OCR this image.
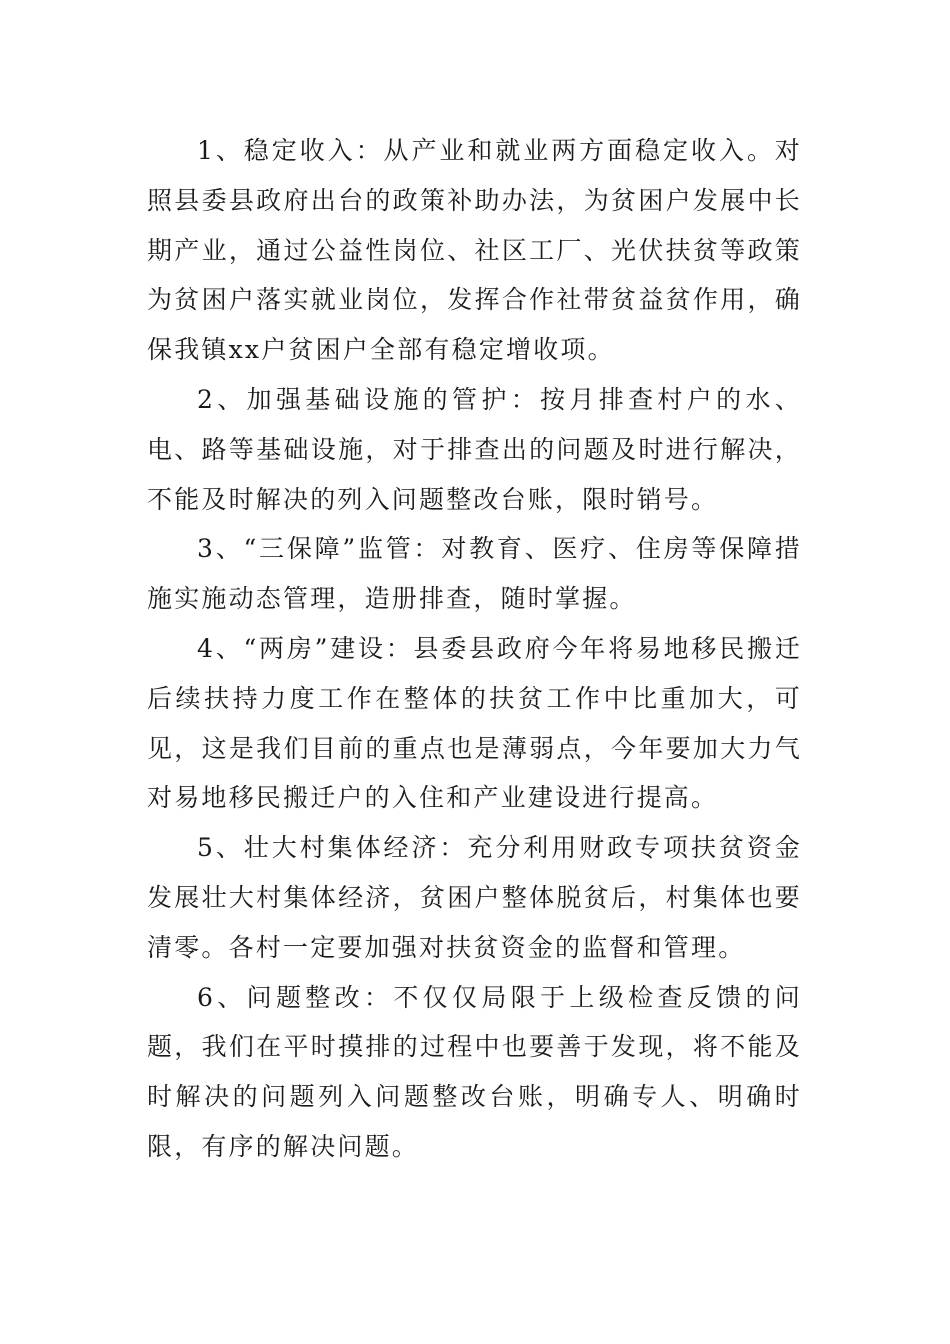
1、稳定收入：从产业和就业两方面稳定收入。对照县委县政府出台的政策补助办法，为贫困户发展中长期产业，通过公益性岗位、社区工厂、光伏扶贫等政策为贫困户落实就业岗位，发挥合作社带贫益贫作用，确保我镇xx户贫困户全部有稳定增收项。

2、加强基础设施的管护：按月排查村户的水、电、路等基础设施，对于排查出的问题及时进行解决，不能及时解决的列入问题整改台账，限时销号。

3、“三保障”监管：对教育、医疗、住房等保障措施实施动态管理，造册排查，随时掌握。

4、“两房”建设：县委县政府今年将易地移民搬迁后续扶持力度工作在整体的扶贫工作中比重加大，可见，这是我们目前的重点也是薄弱点，今年要加大力气对易地移民搬迁户的入住和产业建设进行提高。

5、壮大村集体经济：充分利用财政专项扶贫资金发展壮大村集体经济，贫困户整体脱贫后，村集体也要清零。各村一定要加强对扶贫资金的监督和管理。

6、问题整改：不仅仅局限于上级检查反馈的问题，我们在平时摸排的过程中也要善于发现，将不能及时解决的问题列入问题整改台账，明确专人、明确时限，有序的解决问题。
